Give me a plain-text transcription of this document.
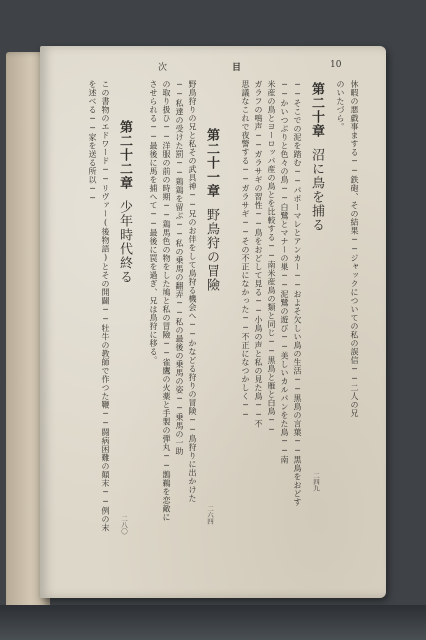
次	目	10
休暇の悪戯事まする──鉄砲、その結果──ジャックについての私の誤信──二人の兄
のいたづら。
第二十章沼に鳥を捕る
二四九
──そこでの泥を踏む──パポーマレとアンカー──およそ欠しい鳥の生活──黒鳥の言葉──黒鳥をおどす
──かいつぶりと色々の鳥──白鷺とマナーの巣──泥鷺の遊び──美しいカルパンをた鳥──南
米産の鳥とヨーロッパ産の鳥とを比較する──南米産鳥の類と同じ──黒鳥と雁と白鳥──
ガラフの鳴声──ガラサギの習性──鳥をおどして見る──小鳥の声と私の見た鳥──不
思議なこれで夜警する──ガラサギ──その不正になかった──不正になつかしく──
第二十一章野鳥狩の冒險
二六四
野鳥狩りの兄と私その武具神──兄のお伴をして鳥狩る機会へ──かなどる狩りの冒険──鳥狩りに出かけた
──私達の受けた罰──鶏鶏を留ぶ──私の乗馬の翻弄──私の最後の乗馬の姿──乗馬の一助
の取り扱ひ──洋服の前の時期──鶏馬色の物をした鳩と私の冒險──雀鷹の火薬と手製の弾丸──鵲鵜を恋敵に
させられる──最後に馬を捕へて──最後に罠を過ぎ、兄は鳥狩に移る。
第二十二章少年時代終る
二八〇
この書物のエドワード──リヴァー(後物語)とその開闢──牡牛の教師で作つた鞭──闘病困難の顛末──例の末
を述べる──家を送る所以──
